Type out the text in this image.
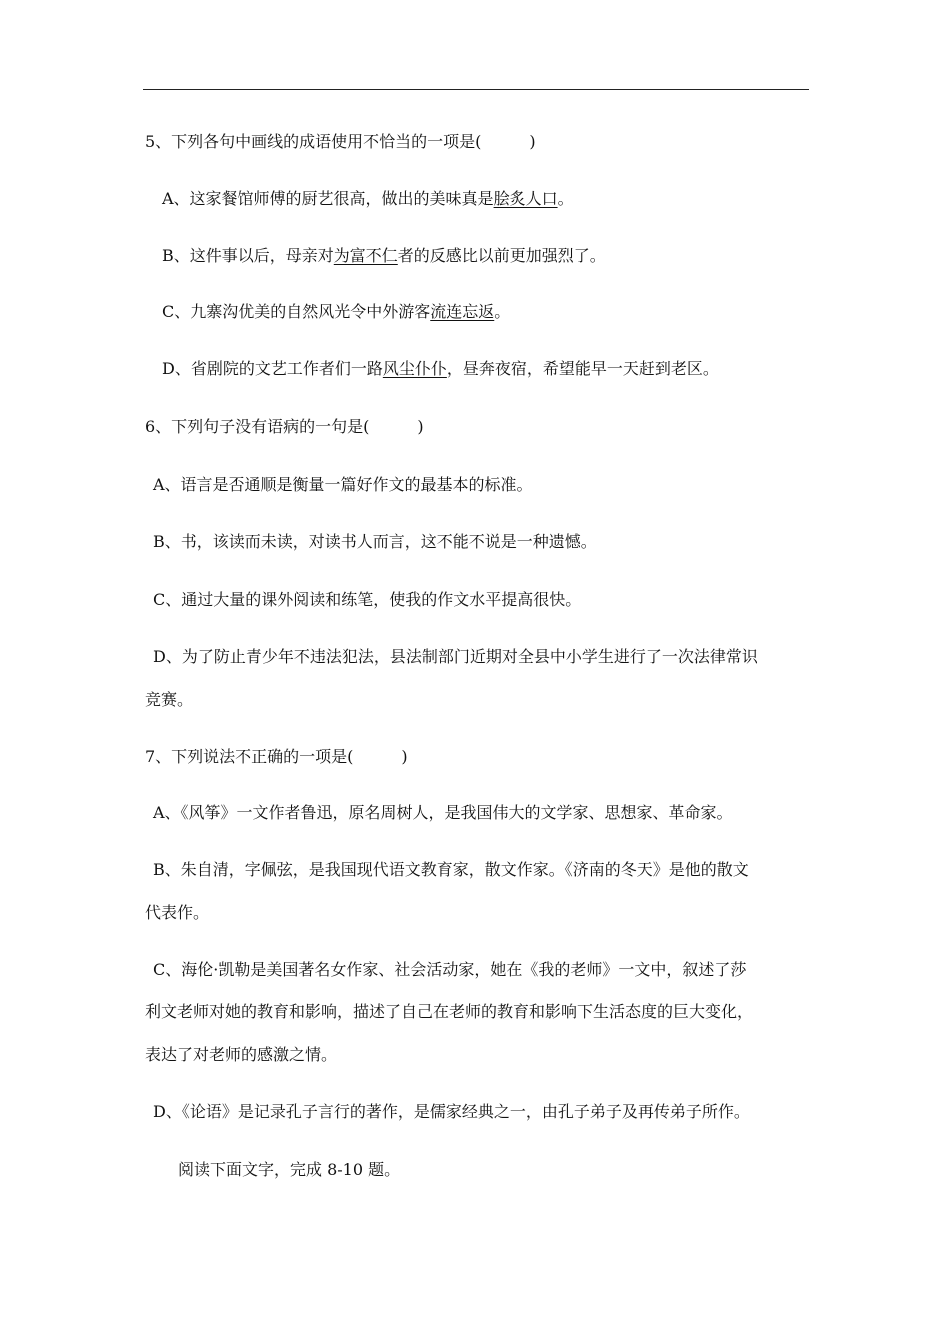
5、下列各句中画线的成语使用不恰当的一项是(　　　)
A、这家餐馆师傅的厨艺很高，做出的美味真是脍炙人口。
B、这件事以后，母亲对为富不仁者的反感比以前更加强烈了。
C、九寨沟优美的自然风光令中外游客流连忘返。
D、省剧院的文艺工作者们一路风尘仆仆，昼奔夜宿，希望能早一天赶到老区。
6、下列句子没有语病的一句是(　　　)
A、语言是否通顺是衡量一篇好作文的最基本的标准。
B、书，该读而未读，对读书人而言，这不能不说是一种遗憾。
C、通过大量的课外阅读和练笔，使我的作文水平提高很快。
D、为了防止青少年不违法犯法，县法制部门近期对全县中小学生进行了一次法律常识
竞赛。
7、下列说法不正确的一项是(　　　)
A、《风筝》一文作者鲁迅，原名周树人，是我国伟大的文学家、思想家、革命家。
B、朱自清，字佩弦，是我国现代语文教育家，散文作家。《济南的冬天》是他的散文
代表作。
C、海伦·凯勒是美国著名女作家、社会活动家，她在《我的老师》一文中，叙述了莎
利文老师对她的教育和影响，描述了自己在老师的教育和影响下生活态度的巨大变化，
表达了对老师的感激之情。
D、《论语》是记录孔子言行的著作，是儒家经典之一，由孔子弟子及再传弟子所作。
阅读下面文字，完成 8-10 题。
